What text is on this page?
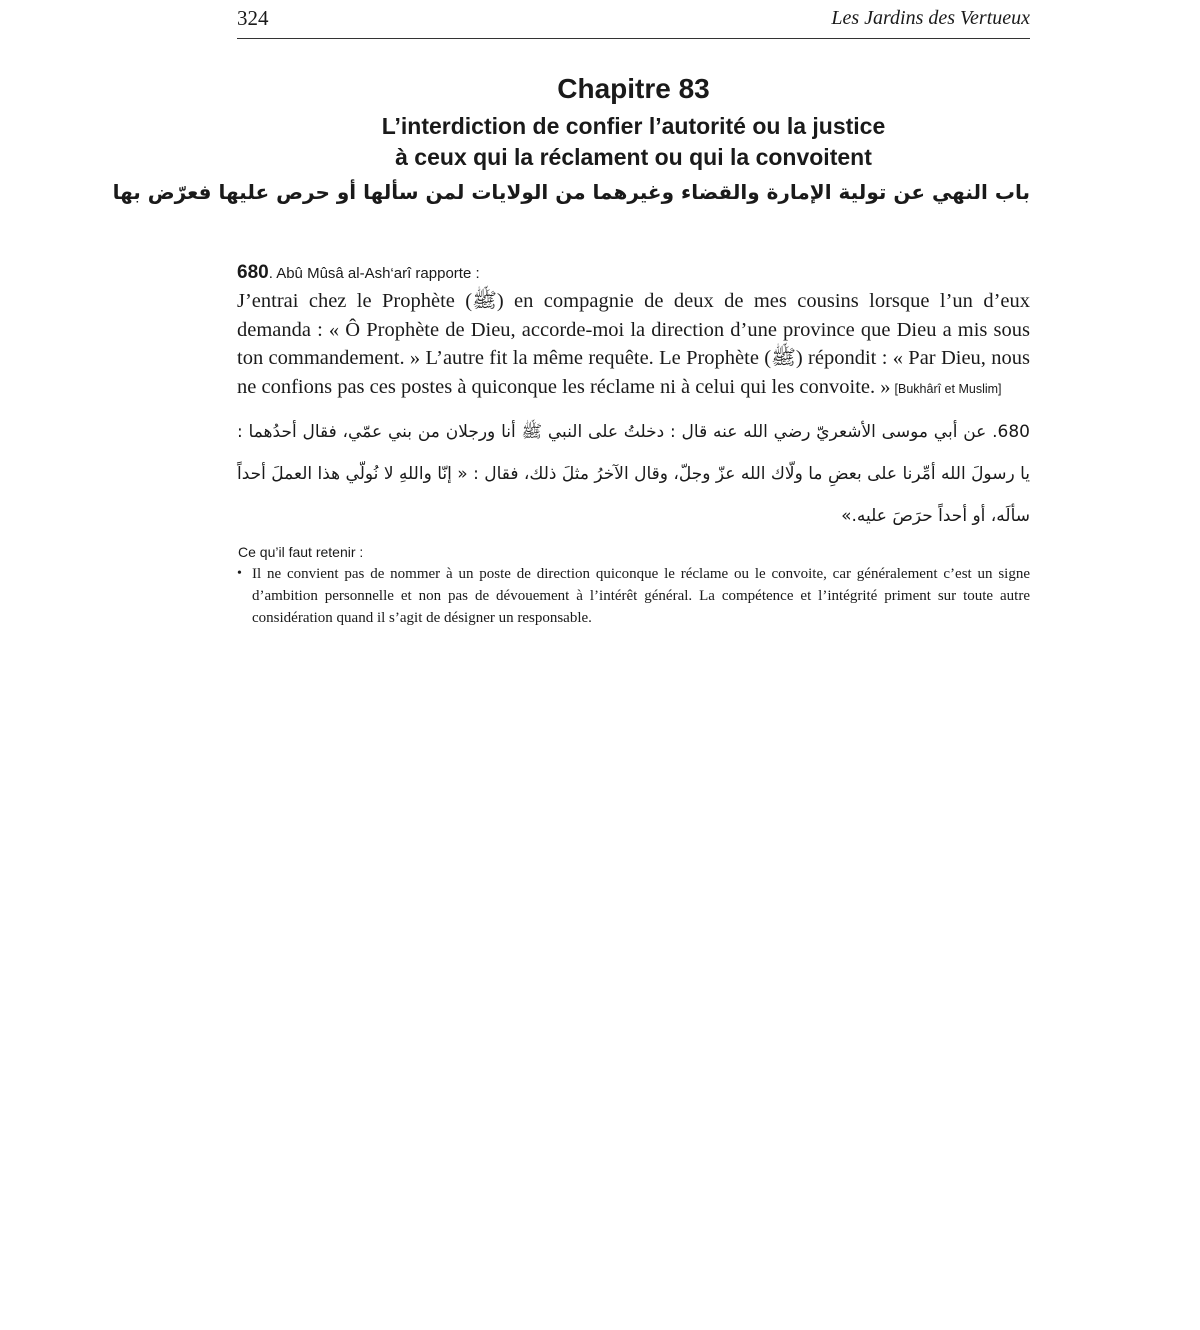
324	Les Jardins des Vertueux
Chapitre 83
L’interdiction de confier l’autorité ou la justice
à ceux qui la réclament ou qui la convoitent
باب النهي عن تولية الإمارة والقضاء وغيرهما من الولايات لمن سألها أو حرص عليها فعرّض بها
680. Abû Mûsâ al-Ash‘arî rapporte :

J’entrai chez le Prophète (ﷺ) en compagnie de deux de mes cousins lorsque l’un d’eux demanda : « Ô Prophète de Dieu, accorde-moi la direction d’une province que Dieu a mis sous ton commandement. » L’autre fit la même requête. Le Prophète (ﷺ) répondit : « Par Dieu, nous ne confions pas ces postes à quiconque les réclame ni à celui qui les convoite. » [Bukhârî et Muslim]

680. عن أبي موسى الأشعريّ رضي الله عنه قال : دخلتُ على النبي ﷺ أنا ورجلان من بني عمّي، فقال أحدُهما : يا رسولَ الله أمِّرنا على بعضِ ما ولّاك الله عزّ وجلّ، وقال الآخرُ مثلَ ذلك، فقال : « إنّا واللهِ لا نُولّي هذا العملَ أحداً سألَه، أو أحداً حرَصَ عليه.»
Ce qu’il faut retenir :
• Il ne convient pas de nommer à un poste de direction quiconque le réclame ou le convoite, car généralement c’est un signe d’ambition personnelle et non pas de dévouement à l’intérêt général. La compétence et l’intégrité priment sur toute autre considération quand il s’agit de désigner un responsable.
